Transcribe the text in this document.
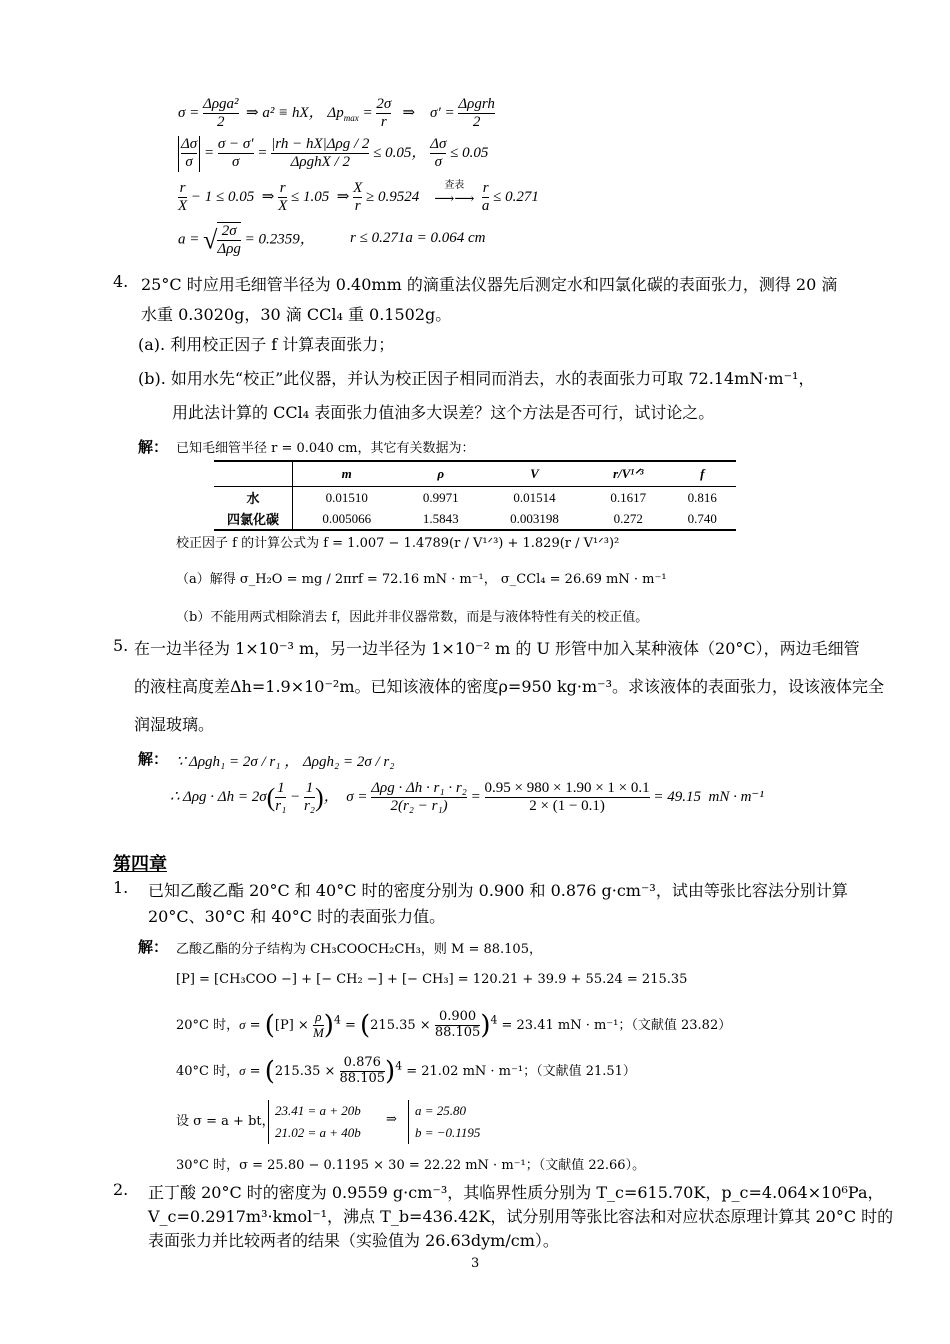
$\sigma = \frac{\text{Δρga²}}{2}$ ⇒ a² ≡ hX， $\Delta p_{max} = \frac{2\sigma}{r}$ ⇒    $\sigma' = \frac{\text{Δρgrh}}{2}$
$\frac{\Delta\sigma}{\sigma} = \frac{\sigma - \sigma'}{\sigma} = \frac{\text{|rh − hX|Δρg / 2}}{\text{ΔρghX / 2}} \le 0.05$， $\frac{\Delta\sigma}{\sigma} \le 0.05$
$\frac{r}{X} - 1 \le 0.05$  ⇒ $\frac{r}{X} \le 1.05$  ⇒ $\frac{X}{r} \ge 0.9524$    查表
⟶⟶ $\frac{r}{a} \le 0.271$
a = √ $\frac{2\sigma}{\text{Δρg}} = 0.2359$， r ≤ 0.271a = 0.064 cm
4. 25°C 时应用毛细管半径为 0.40mm 的滴重法仪器先后测定水和四氯化碳的表面张力，测得 20 滴
水重 0.3020g，30 滴 CCl₄ 重 0.1502g。
(a). 利用校正因子 f 计算表面张力；
(b). 如用水先“校正”此仪器，并认为校正因子相同而消去，水的表面张力可取 72.14mN·m⁻¹，
用此法计算的 CCl₄ 表面张力值油多大误差？这个方法是否可行，试讨论之。
解： 已知毛细管半径 r = 0.040 cm，其它有关数据为：
	m	ρ	V	r/V¹ᐟ³	f
水	0.01510	0.9971	0.01514	0.1617	0.816
四氯化碳	0.005066	1.5843	0.003198	0.272	0.740
校正因子 f 的计算公式为 f = 1.007 − 1.4789(r / V¹ᐟ³) + 1.829(r / V¹ᐟ³)²
（a）解得 σ_H₂O = mg / 2πrf = 72.16 mN · m⁻¹， σ_CCl₄ = 26.69 mN · m⁻¹
（b）不能用两式相除消去 f，因此并非仪器常数，而是与液体特性有关的校正值。
5. 在一边半径为 1×10⁻³ m，另一边半径为 1×10⁻² m 的 U 形管中加入某种液体（20°C），两边毛细管
的液柱高度差Δh=1.9×10⁻²m。已知该液体的密度ρ=950 kg·m⁻³。求该液体的表面张力，设该液体完全
润湿玻璃。
解： ∵ Δρgh₁ = 2σ / r₁ ， Δρgh₂ = 2σ / r₂
∴ $\Delta\rho g \cdot \Delta h = 2\sigma( \frac{1}{\text{r₁}} - \frac{1}{\text{r₂}}$ )，  $\sigma = \frac{\text{Δρg · Δh · r₁ · r₂}}{\text{2(r₂ − r₁)}} = \frac{0.95 \times 980 \times 1.90 \times 1 \times 0.1}{2 \times (1 - 0.1)} = 49.15$  mN · m⁻¹
第四章
1. 已知乙酸乙酯 20°C 和 40°C 时的密度分别为 0.900 和 0.876 g·cm⁻³，试由等张比容法分别计算
20°C、30°C 和 40°C 时的表面张力值。
解： 乙酸乙酯的分子结构为 CH₃COOCH₂CH₃，则 M = 88.105，
[P] = [CH₃COO −] + [− CH₂ −] + [− CH₃] = 120.21 + 39.9 + 55.24 = 215.35
20°C 时，$\sigma = ([P] \times \frac{\rho}{M} )^4 = (215.35 \times \frac{0.900}{88.105} )^4 = 23.41$ mN · m⁻¹；（文献值 23.82）
40°C 时，$\sigma = (215.35 \times \frac{0.876}{88.105} )^4 = 21.02$ mN · m⁻¹；（文献值 21.51）
设 σ = a + bt，
23.41 = a + 20b
21.02 = a + 40b
⇒
a = 25.80
b = −0.1195
30°C 时，σ = 25.80 − 0.1195 × 30 = 22.22 mN · m⁻¹；（文献值 22.66）。
2. 正丁酸 20°C 时的密度为 0.9559 g·cm⁻³，其临界性质分别为 T_c=615.70K，p_c=4.064×10⁶Pa，
V_c=0.2917m³·kmol⁻¹，沸点 T_b=436.42K，试分别用等张比容法和对应状态原理计算其 20°C 时的
表面张力并比较两者的结果（实验值为 26.63dym/cm）。
3
